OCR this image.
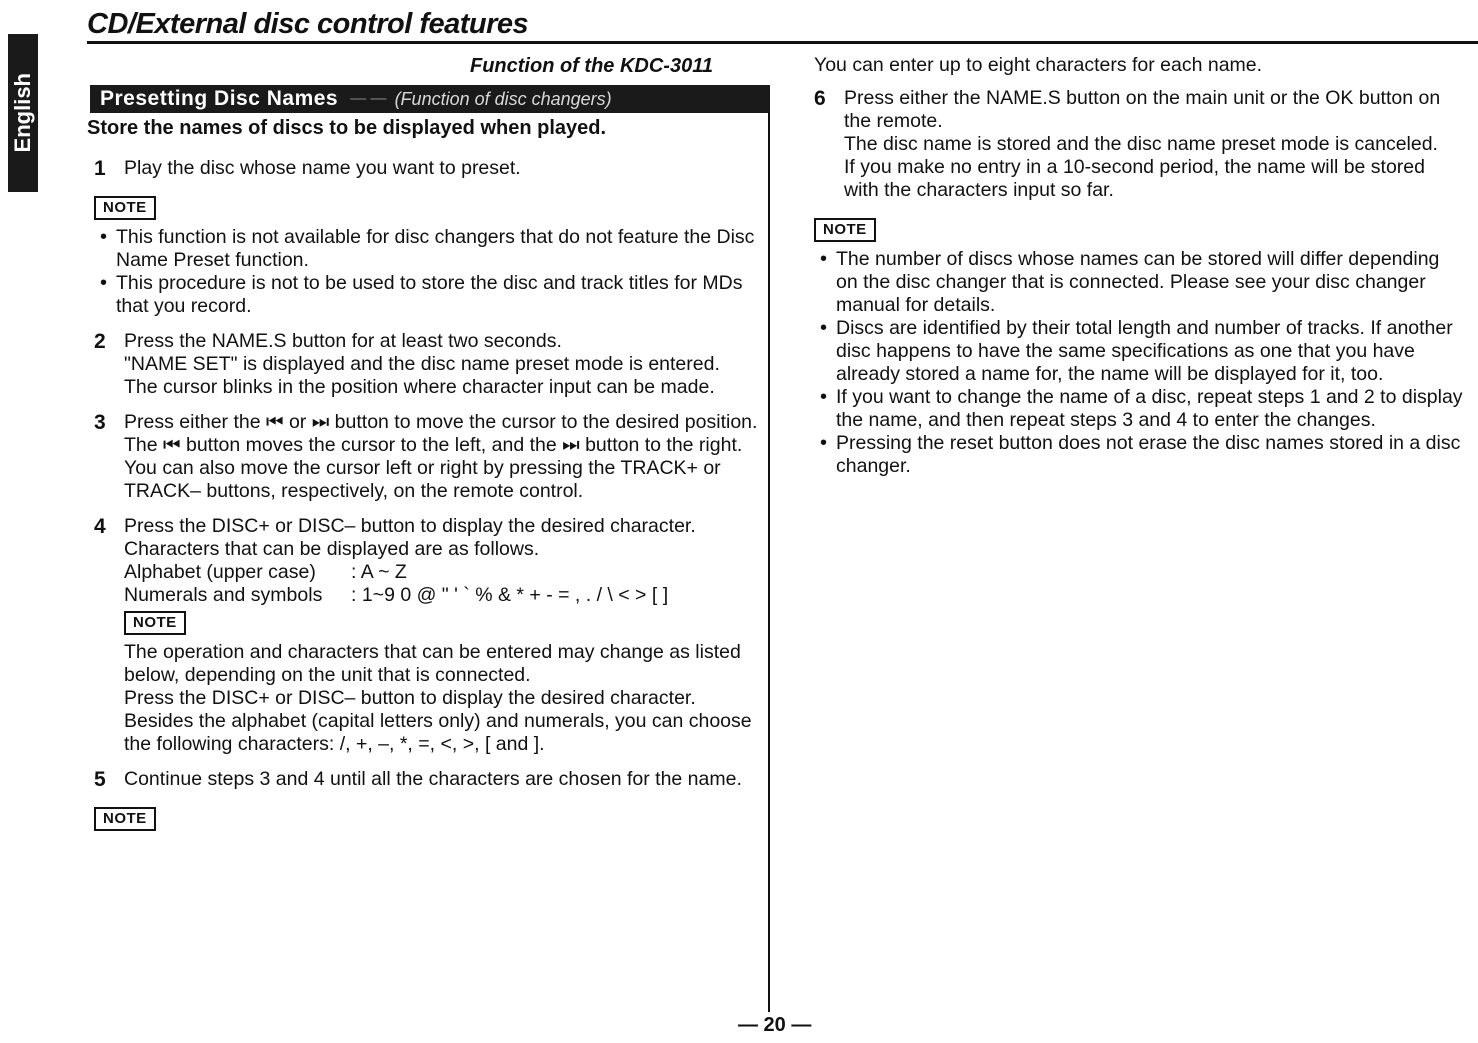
English
CD/External disc control features
Function of the KDC-3011
Presetting Disc Names — — (Function of disc changers)
Store the names of discs to be displayed when played.
1 Play the disc whose name you want to preset.

NOTE
• This function is not available for disc changers that do not feature the Disc Name Preset function.
• This procedure is not to be used to store the disc and track titles for MDs that you record.
2 Press the NAME.S button for at least two seconds.

"NAME SET" is displayed and the disc name preset mode is entered.

The cursor blinks in the position where character input can be made.

3 Press either the ⏮ or ⏭ button to move the cursor to the desired position.

The ⏮ button moves the cursor to the left, and the ⏭ button to the right.

You can also move the cursor left or right by pressing the TRACK+ or TRACK– buttons, respectively, on the remote control.

4 Press the DISC+ or DISC– button to display the desired character.

Characters that can be displayed are as follows.

Alphabet (upper case)	: A ~ Z
Numerals and symbols	: 1~9 0 @ " ' ` % & * + - = , . / \ < > [ ]
NOTE

The operation and characters that can be entered may change as listed below, depending on the unit that is connected.

Press the DISC+ or DISC– button to display the desired character.

Besides the alphabet (capital letters only) and numerals, you can choose the following characters: /, +, –, *, =, <, >, [ and ].

5 Continue steps 3 and 4 until all the characters are chosen for the name.

NOTE

You can enter up to eight characters for each name.

6 Press either the NAME.S button on the main unit or the OK button on the remote.

The disc name is stored and the disc name preset mode is canceled.

If you make no entry in a 10-second period, the name will be stored with the characters input so far.

NOTE
• The number of discs whose names can be stored will differ depending on the disc changer that is connected. Please see your disc changer manual for details.
• Discs are identified by their total length and number of tracks. If another disc happens to have the same specifications as one that you have already stored a name for, the name will be displayed for it, too.
• If you want to change the name of a disc, repeat steps 1 and 2 to display the name, and then repeat steps 3 and 4 to enter the changes.
• Pressing the reset button does not erase the disc names stored in a disc changer.
— 20 —
